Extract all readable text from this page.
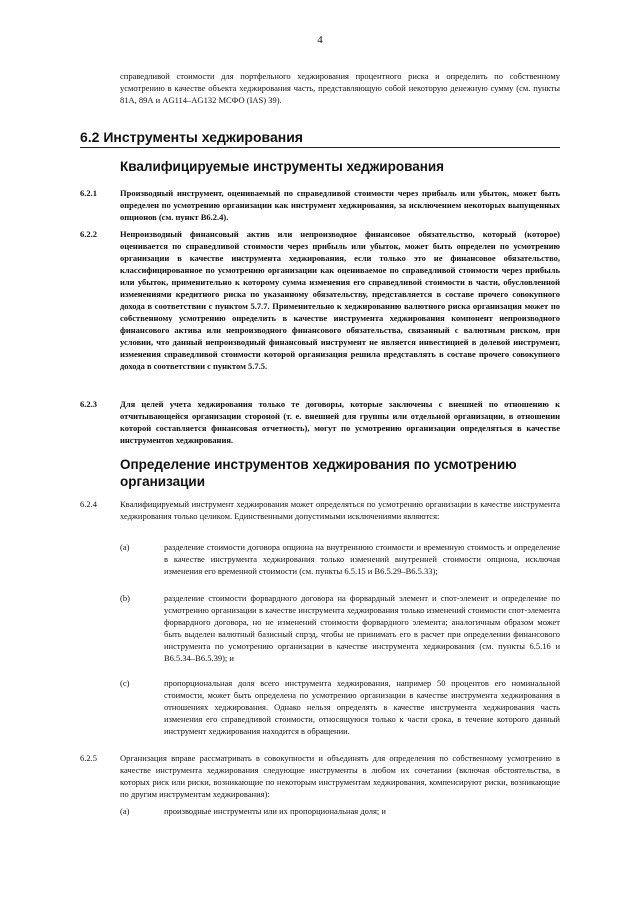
4
справедливой стоимости для портфельного хеджирования процентного риска и определить по собственному усмотрению в качестве объекта хеджирования часть, представляющую собой некоторую денежную сумму (см. пункты 81А, 89А и AG114–AG132 МСФО (IAS) 39).
6.2 Инструменты хеджирования
Квалифицируемые инструменты хеджирования
6.2.1	Производный инструмент, оцениваемый по справедливой стоимости через прибыль или убыток, может быть определен по усмотрению организации как инструмент хеджирования, за исключением некоторых выпущенных опционов (см. пункт В6.2.4).
6.2.2	Непроизводный финансовый актив или непроизводное финансовое обязательство, который (которое) оценивается по справедливой стоимости через прибыль или убыток, может быть определен по усмотрению организации в качестве инструмента хеджирования, если только это не финансовое обязательство, классифицированное по усмотрению организации как оцениваемое по справедливой стоимости через прибыль или убыток, применительно к которому сумма изменения его справедливой стоимости в части, обусловленной изменениями кредитного риска по указанному обязательству, представляется в составе прочего совокупного дохода в соответствии с пунктом 5.7.7. Применительно к хеджированию валютного риска организация может по собственному усмотрению определить в качестве инструмента хеджирования компонент непроизводного финансового актива или непроизводного финансового обязательства, связанный с валютным риском, при условии, что данный непроизводный финансовый инструмент не является инвестицией в долевой инструмент, изменения справедливой стоимости которой организация решила представлять в составе прочего совокупного дохода в соответствии с пунктом 5.7.5.
6.2.3	Для целей учета хеджирования только те договоры, которые заключены с внешней по отношению к отчитывающейся организации стороной (т. е. внешней для группы или отдельной организации, в отношении которой составляется финансовая отчетность), могут по усмотрению организации определяться в качестве инструментов хеджирования.
Определение инструментов хеджирования по усмотрению организации
6.2.4	Квалифицируемый инструмент хеджирования может определяться по усмотрению организации в качестве инструмента хеджирования только целиком. Единственными допустимыми исключениями являются:
(a)	разделение стоимости договора опциона на внутреннюю стоимости и временную стоимость и определение в качестве инструмента хеджирования только изменений внутренней стоимости опциона, исключая изменения его временной стоимости (см. пункты 6.5.15 и В6.5.29–В6.5.33);
(b)	разделение стоимости форвардного договора на форвардный элемент и спот-элемент и определение по усмотрению организации в качестве инструмента хеджирования только изменений стоимости спот-элемента форвардного договора, но не изменений стоимости форвардного элемента; аналогичным образом может быть выделен валютный базисный спрэд, чтобы не принимать его в расчет при определении финансового инструмента по усмотрению организации в качестве инструмента хеджирования (см. пункты 6.5.16 и В6.5.34–В6.5.39); и
(c)	пропорциональная доля всего инструмента хеджирования, например 50 процентов его номинальной стоимости, может быть определена по усмотрению организации в качестве инструмента хеджирования в отношениях хеджирования. Однако нельзя определять в качестве инструмента хеджирования часть изменения его справедливой стоимости, относящуюся только к части срока, в течение которого данный инструмент хеджирования находится в обращении.
6.2.5	Организация вправе рассматривать в совокупности и объединять для определения по собственному усмотрению в качестве инструмента хеджирования следующие инструменты в любом их сочетании (включая обстоятельства, в которых риск или риски, возникающие по некоторым инструментам хеджирования, компенсируют риски, возникающие по другим инструментам хеджирования):
(a)	производные инструменты или их пропорциональная доля; и
